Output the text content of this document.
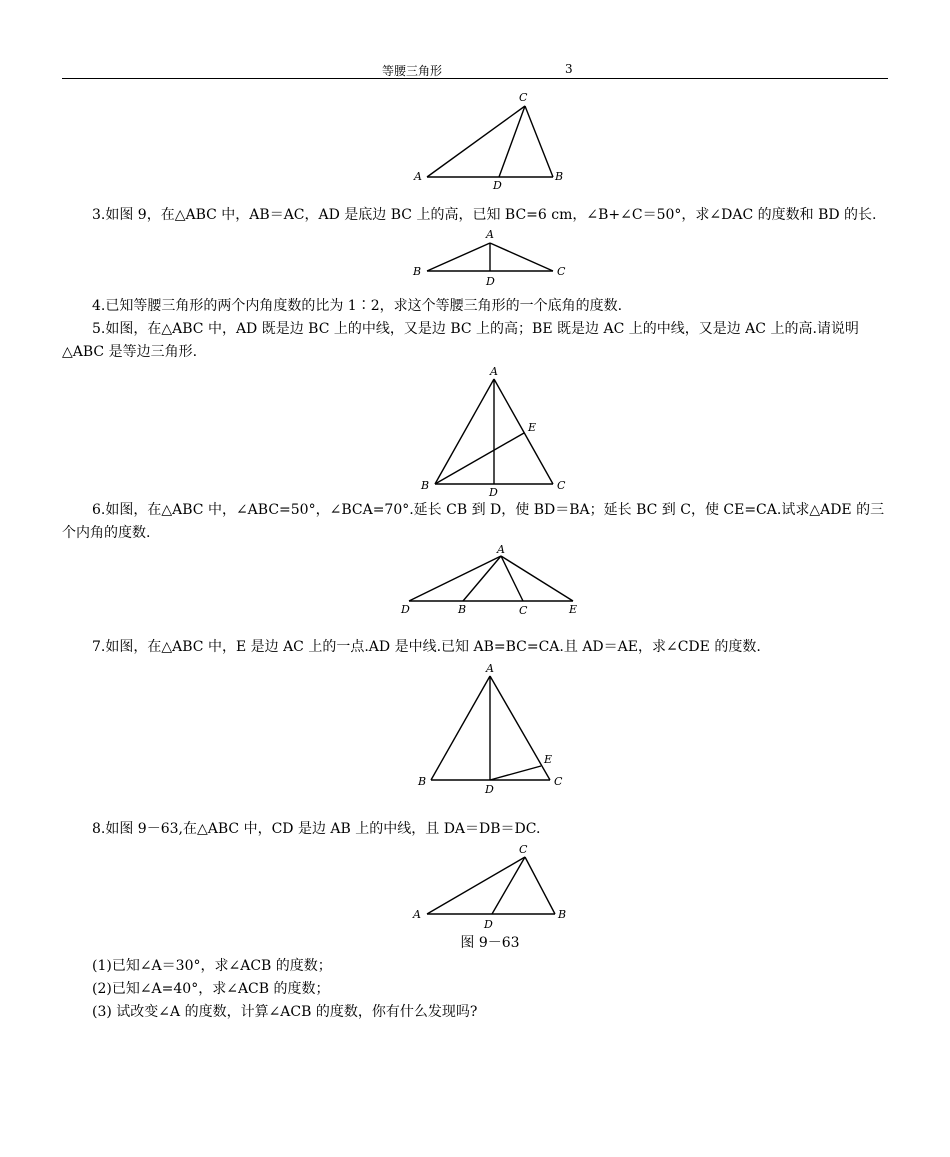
等腰三角形	3
C
A	B
D
3.如图 9，在△ABC 中，AB＝AC，AD 是底边 BC 上的高，已知 BC=6 cm，∠B+∠C＝50°，求∠DAC 的度数和 BD 的长.
A
B	C
D
4.已知等腰三角形的两个内角度数的比为 1∶2，求这个等腰三角形的一个底角的度数.
5.如图，在△ABC 中，AD 既是边 BC 上的中线，又是边 BC 上的高；BE 既是边 AC 上的中线，又是边 AC 上的高.请说明△ABC 是等边三角形.
A
E
B	C
D
6.如图，在△ABC 中，∠ABC=50°，∠BCA=70°.延长 CB 到 D，使 BD＝BA；延长 BC 到 C，使 CE=CA.试求△ADE 的三个内角的度数.
A
D	B	C	E
7.如图，在△ABC 中，E 是边 AC 上的一点.AD 是中线.已知 AB=BC=CA.且 AD＝AE，求∠CDE 的度数.
A
E
B	C
D
8.如图 9－63,在△ABC 中，CD 是边 AB 上的中线，且 DA＝DB＝DC.
C
A	B
D
图 9－63
(1)已知∠A＝30°，求∠ACB 的度数；
(2)已知∠A=40°，求∠ACB 的度数；
(3) 试改变∠A 的度数，计算∠ACB 的度数，你有什么发现吗?
